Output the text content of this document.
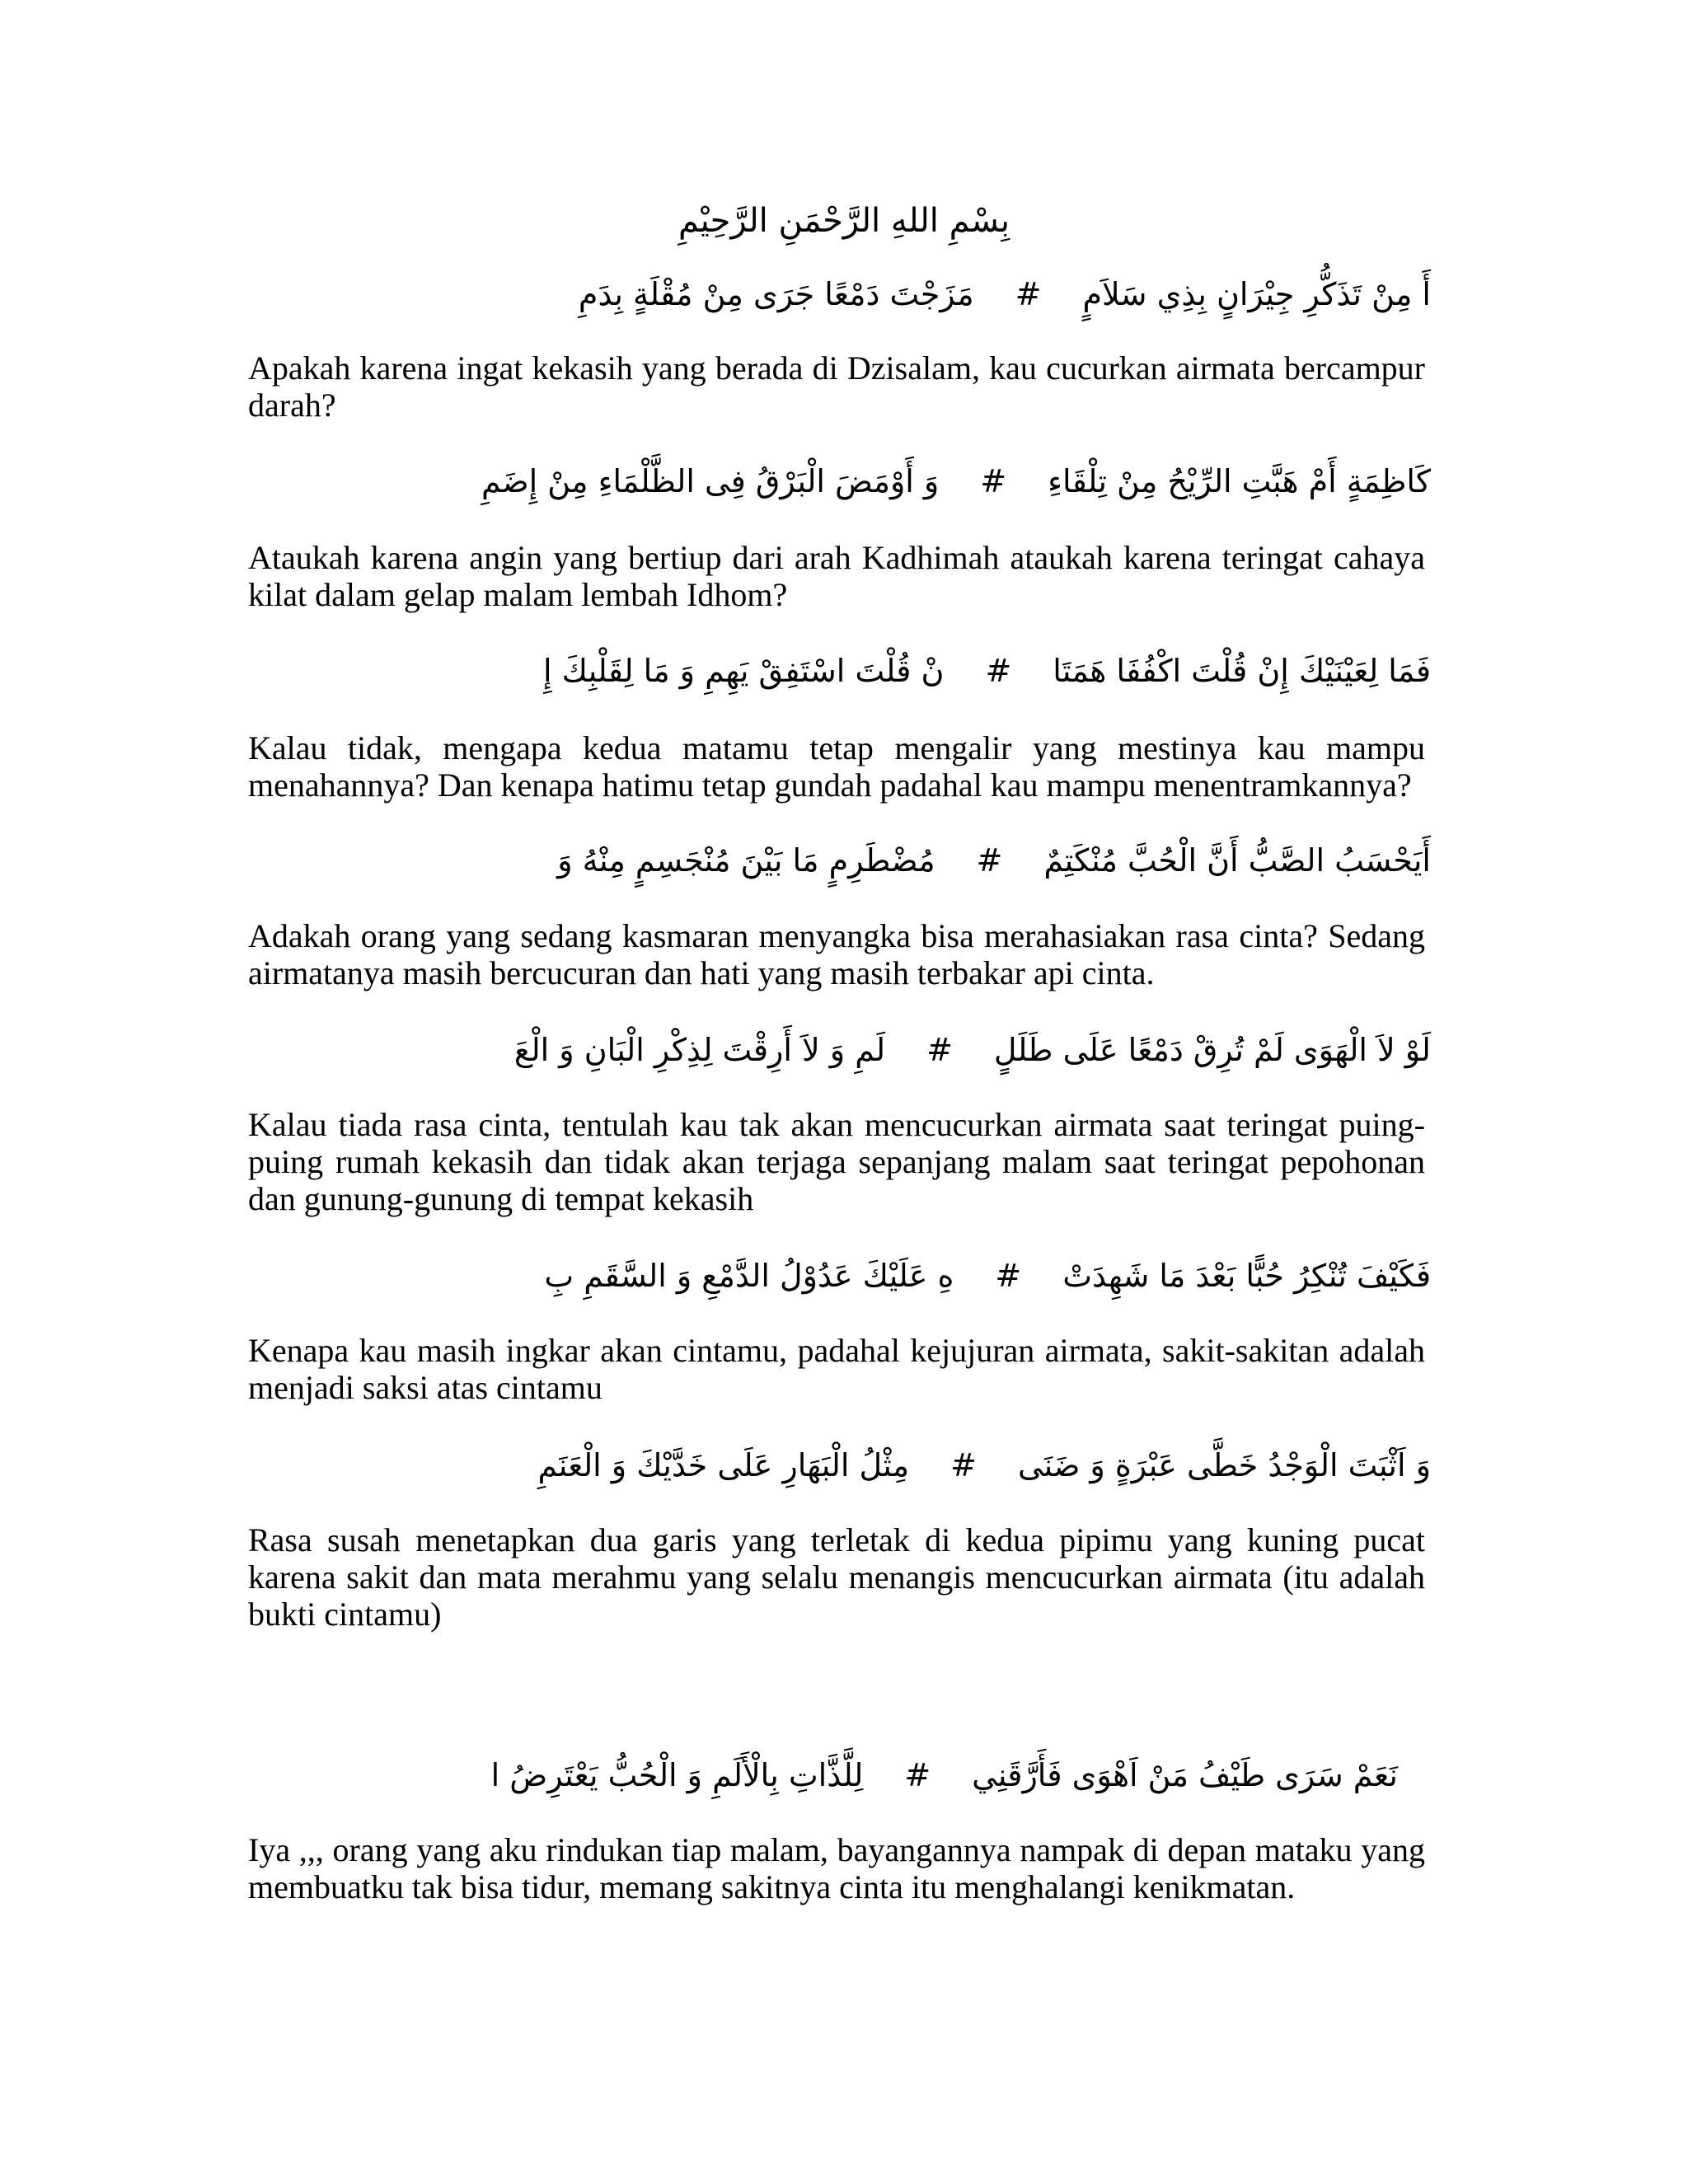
بِسْمِ اللهِ الرَّحْمَنِ الرَّحِيْمِ
أَ مِنْ تَذَكُّرِ جِيْرَانٍ بِذِي سَلاَمٍ#مَزَجْتَ دَمْعًا جَرَى مِنْ مُقْلَةٍ بِدَمِ
Apakah karena ingat kekasih yang berada di Dzisalam, kau cucurkan airmata bercampur darah?
كَاظِمَةٍ أَمْ هَبَّتِ الرِّيْحُ مِنْ تِلْقَاءِ#وَ أَوْمَضَ الْبَرْقُ فِى الظَّلْمَاءِ مِنْ إِضَمِ
Ataukah karena angin yang bertiup dari arah Kadhimah ataukah karena teringat cahaya kilat dalam gelap malam lembah Idhom?
فَمَا لِعَيْنَيْكَ إِنْ قُلْتَ اكْفُفَا هَمَتَا#نْ قُلْتَ اسْتَفِقْ يَهِمِ وَ مَا لِقَلْبِكَ إِ
Kalau tidak, mengapa kedua matamu tetap mengalir yang mestinya kau mampu menahannya? Dan kenapa hatimu tetap gundah padahal kau mampu menentramkannya?
أَيَحْسَبُ الصَّبُّ أَنَّ الْحُبَّ مُنْكَتِمٌ#مُضْطَرِمٍ مَا بَيْنَ مُنْجَسِمٍ مِنْهُ وَ
Adakah orang yang sedang kasmaran menyangka bisa merahasiakan rasa cinta? Sedang airmatanya masih bercucuran dan hati yang masih terbakar api cinta.
لَوْ لاَ الْهَوَى لَمْ تُرِقْ دَمْعًا عَلَى طَلَلٍ#لَمِ وَ لاَ أَرِقْتَ لِذِكْرِ الْبَانِ وَ الْعَ
Kalau tiada rasa cinta, tentulah kau tak akan mencucurkan airmata saat teringat puing-puing rumah kekasih dan tidak akan terjaga sepanjang malam saat teringat pepohonan dan gunung-gunung di tempat kekasih
فَكَيْفَ تُنْكِرُ حُبًّا بَعْدَ مَا شَهِدَتْ#هِ عَلَيْكَ عَدُوْلُ الدَّمْعِ وَ السَّقَمِ بِ
Kenapa kau masih ingkar akan cintamu, padahal kejujuran airmata, sakit-sakitan adalah menjadi saksi atas cintamu
وَ اَثْبَتَ الْوَجْدُ خَطَّى عَبْرَةٍ وَ ضَنَى#مِثْلُ الْبَهَارِ عَلَى خَدَّيْكَ وَ الْعَنَمِ
Rasa susah menetapkan dua garis yang terletak di kedua pipimu yang kuning pucat karena sakit dan mata merahmu yang selalu menangis mencucurkan airmata (itu adalah bukti cintamu)
نَعَمْ سَرَى طَيْفُ مَنْ اَهْوَى فَأَرَّقَنِي#لِلَّذَّاتِ بِالْأَلَمِ وَ الْحُبُّ يَعْتَرِضُ ا
Iya ,,, orang yang aku rindukan tiap malam, bayangannya nampak di depan mataku yang membuatku tak bisa tidur, memang sakitnya cinta itu menghalangi kenikmatan.
